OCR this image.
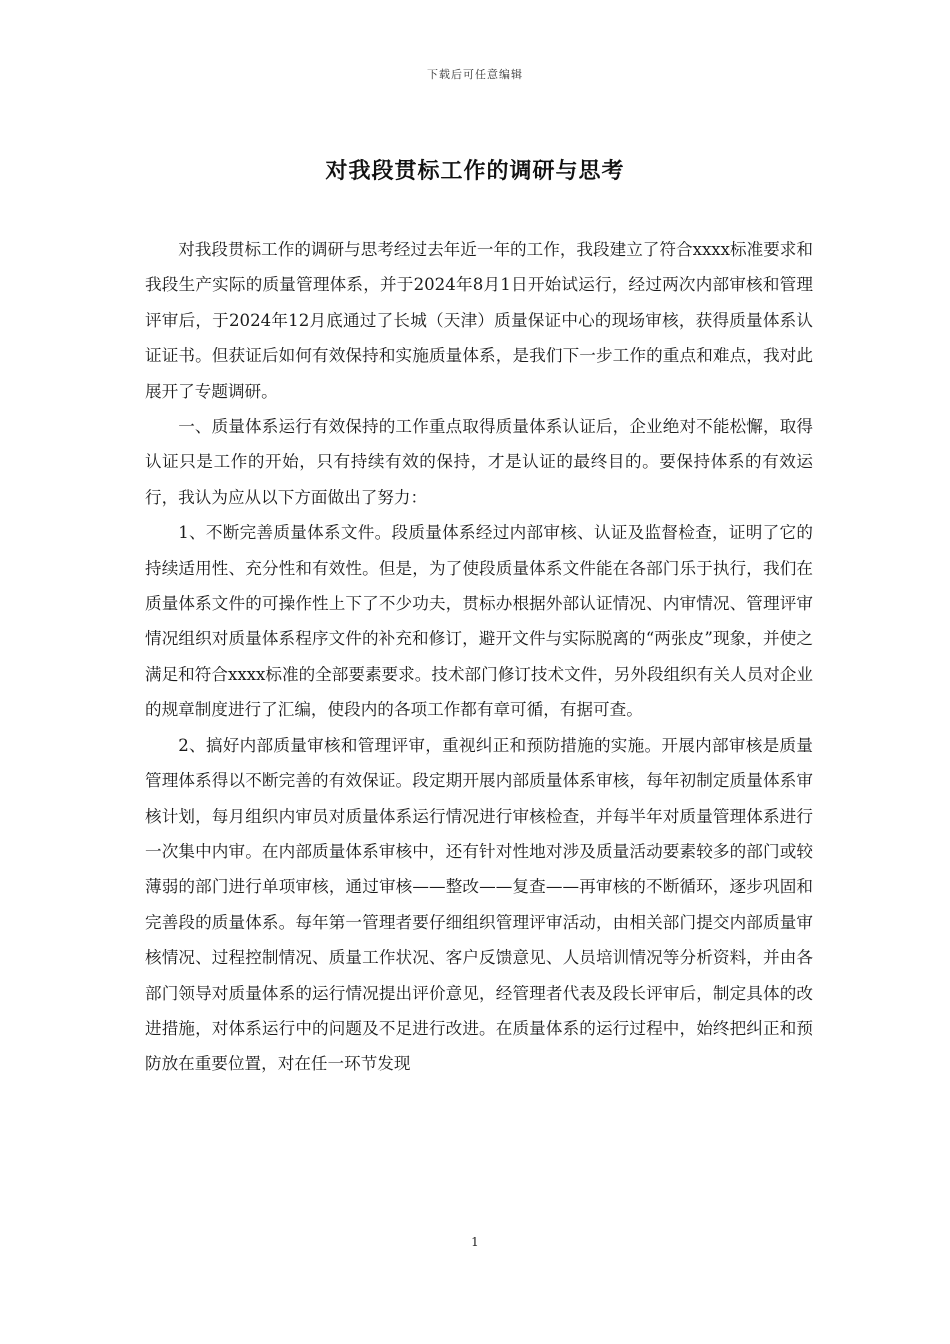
下载后可任意编辑
对我段贯标工作的调研与思考

对我段贯标工作的调研与思考经过去年近一年的工作，我段建立了符合xxxx标准要求和我段生产实际的质量管理体系，并于2024年8月1日开始试运行，经过两次内部审核和管理评审后，于2024年12月底通过了长城（天津）质量保证中心的现场审核，获得质量体系认证证书。但获证后如何有效保持和实施质量体系，是我们下一步工作的重点和难点，我对此展开了专题调研。

一、质量体系运行有效保持的工作重点取得质量体系认证后，企业绝对不能松懈，取得认证只是工作的开始，只有持续有效的保持，才是认证的最终目的。要保持体系的有效运行，我认为应从以下方面做出了努力：

1、不断完善质量体系文件。段质量体系经过内部审核、认证及监督检查，证明了它的持续适用性、充分性和有效性。但是，为了使段质量体系文件能在各部门乐于执行，我们在质量体系文件的可操作性上下了不少功夫，贯标办根据外部认证情况、内审情况、管理评审情况组织对质量体系程序文件的补充和修订，避开文件与实际脱离的“两张皮”现象，并使之满足和符合xxxx标准的全部要素要求。技术部门修订技术文件，另外段组织有关人员对企业的规章制度进行了汇编，使段内的各项工作都有章可循，有据可查。

2、搞好内部质量审核和管理评审，重视纠正和预防措施的实施。开展内部审核是质量管理体系得以不断完善的有效保证。段定期开展内部质量体系审核，每年初制定质量体系审核计划，每月组织内审员对质量体系运行情况进行审核检查，并每半年对质量管理体系进行一次集中内审。在内部质量体系审核中，还有针对性地对涉及质量活动要素较多的部门或较薄弱的部门进行单项审核，通过审核——整改——复查——再审核的不断循环，逐步巩固和完善段的质量体系。每年第一管理者要仔细组织管理评审活动，由相关部门提交内部质量审核情况、过程控制情况、质量工作状况、客户反馈意见、人员培训情况等分析资料，并由各部门领导对质量体系的运行情况提出评价意见，经管理者代表及段长评审后，制定具体的改进措施，对体系运行中的问题及不足进行改进。在质量体系的运行过程中，始终把纠正和预防放在重要位置，对在任一环节发现

1
